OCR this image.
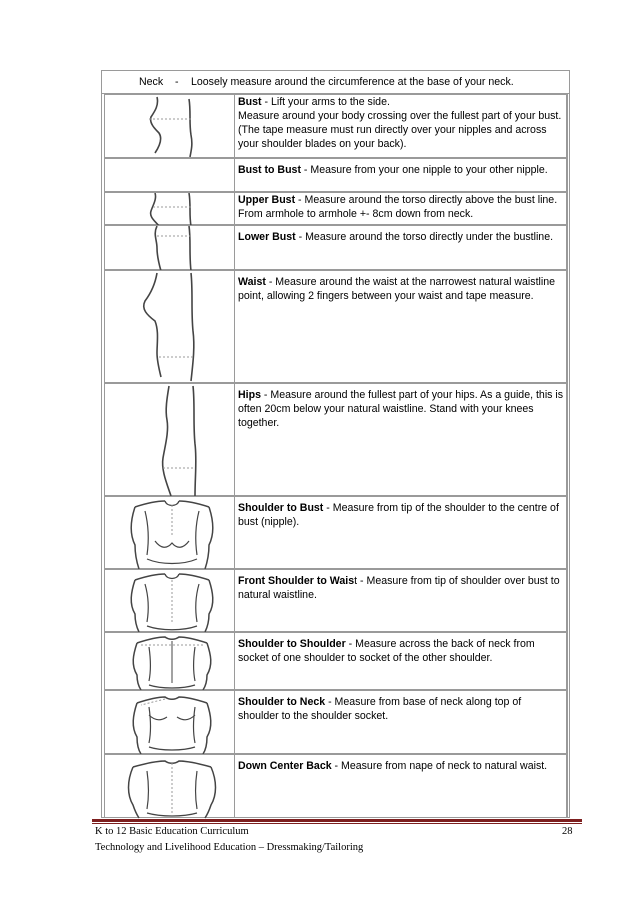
Neck - Loosely measure around the circumference at the base of your neck.
Bust - Lift your arms to the side.
Measure around your body crossing over the fullest part of your bust. (The tape measure must run directly over your nipples and across your shoulder blades on your back).
Bust to Bust - Measure from your one nipple to your other nipple.
Upper Bust - Measure around the torso directly above the bust line. From armhole to armhole +- 8cm down from neck.
Lower Bust - Measure around the torso directly under the bustline.
Waist - Measure around the waist at the narrowest natural waistline point, allowing 2 fingers between your waist and tape measure.
Hips - Measure around the fullest part of your hips. As a guide, this is often 20cm below your natural waistline. Stand with your knees together.
Shoulder to Bust - Measure from tip of the shoulder to the centre of bust (nipple).
Front Shoulder to Waist - Measure from tip of shoulder over bust to natural waistline.
Shoulder to Shoulder - Measure across the back of neck from socket of one shoulder to socket of the other shoulder.
Shoulder to Neck - Measure from base of neck along top of shoulder to the shoulder socket.
Down Center Back - Measure from nape of neck to natural waist.
K to 12 Basic Education Curriculum
Technology and Livelihood Education – Dressmaking/Tailoring
28
